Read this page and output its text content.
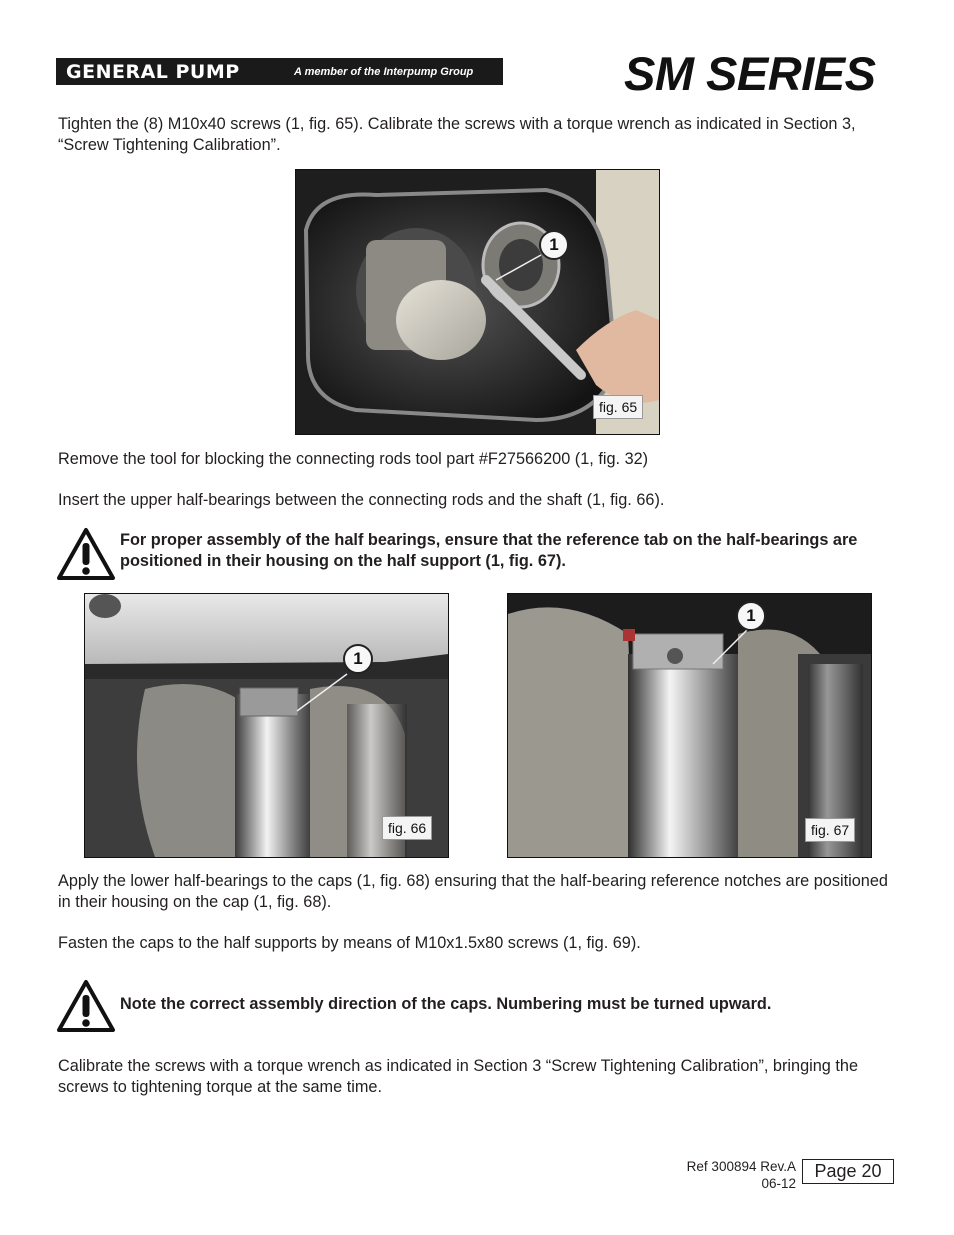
GENERAL PUMP	A member of the Interpump Group	SM SERIES
Tighten the (8) M10x40 screws (1, fig. 65). Calibrate the screws with a torque wrench as indicated in Section 3, “Screw Tightening Calibration”.
1
fig. 65
Remove the tool for blocking the connecting rods tool part #F27566200 (1, fig. 32)
Insert the upper half-bearings between the connecting rods and the shaft (1, fig. 66).
For proper assembly of the half bearings, ensure that the reference tab on the half-bearings are positioned in their housing on the half support (1, fig. 67).
1
fig. 66
1
fig. 67
Apply the lower half-bearings to the caps (1, fig. 68) ensuring that the half-bearing reference notches are positioned in their housing on the cap (1, fig. 68).
Fasten the caps to the half supports by means of M10x1.5x80 screws (1, fig. 69).
Note the correct assembly direction of the caps. Numbering must be turned upward.
Calibrate the screws with a torque wrench as indicated in Section 3 “Screw Tightening Calibration”, bringing the screws to tightening torque at the same time.
Ref 300894 Rev.A
06-12
Page 20
